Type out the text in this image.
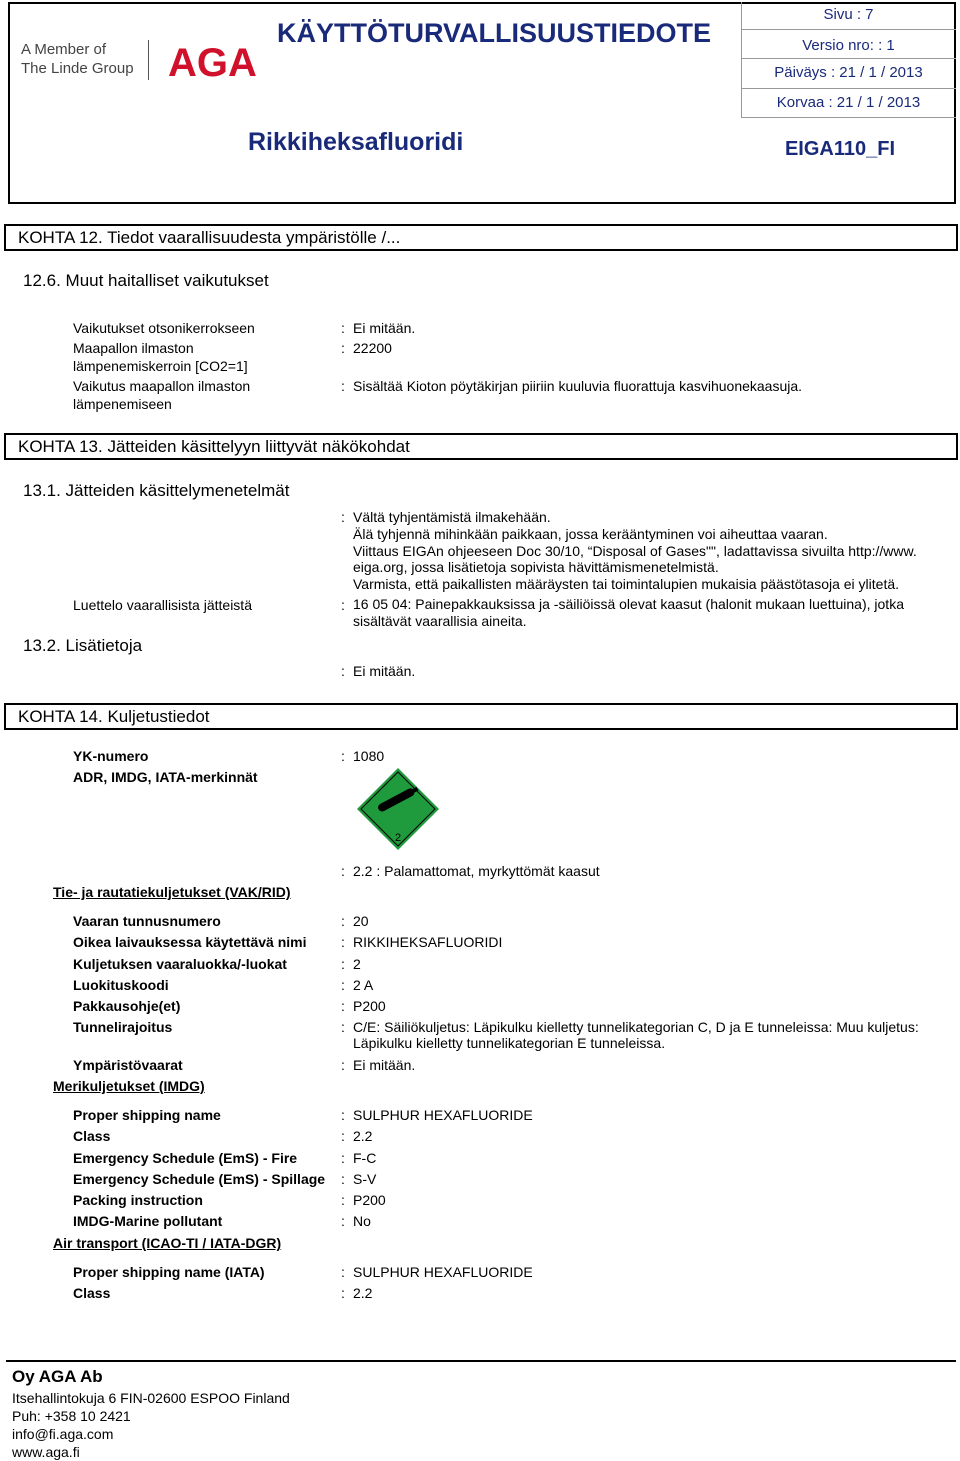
A Member of
The Linde Group AGA
KÄYTTÖTURVALLISUUSTIEDOTE
Rikkiheksafluoridi
Sivu : 7
Versio nro: : 1
Päiväys : 21 / 1 / 2013
Korvaa : 21 / 1 / 2013
EIGA110_FI
KOHTA 12. Tiedot vaarallisuudesta ympäristölle /...
12.6. Muut haitalliset vaikutukset
Vaikutukset otsonikerrokseen	: Ei mitään.
Maapallon ilmaston lämpenemiskerroin [CO2=1]
: 22200
Vaikutus maapallon ilmaston lämpenemiseen
: Sisältää Kioton pöytäkirjan piiriin kuuluvia fluorattuja kasvihuonekaasuja.
KOHTA 13. Jätteiden käsittelyyn liittyvät näkökohdat
13.1. Jätteiden käsittelymenetelmät
: Vältä tyhjentämistä ilmakehään.
Älä tyhjennä mihinkään paikkaan, jossa kerääntyminen voi aiheuttaa vaaran.
Viittaus EIGAn ohjeeseen Doc 30/10, “Disposal of Gases"", ladattavissa sivuilta http://www.
eiga.org, jossa lisätietoja sopivista hävittämismenetelmistä.
Varmista, että paikallisten määräysten tai toimintalupien mukaisia päästötasoja ei ylitetä.
Luettelo vaarallisista jätteistä	: 16 05 04: Painepakkauksissa ja -säiliöissä olevat kaasut (halonit mukaan luettuina), jotka
sisältävät vaarallisia aineita.
13.2. Lisätietoja
: Ei mitään.
KOHTA 14. Kuljetustiedot
YK-numero	: 1080
ADR, IMDG, IATA-merkinnät
2
: 2.2 : Palamattomat, myrkyttömät kaasut
Tie- ja rautatiekuljetukset (VAK/RID)
Vaaran tunnusnumero	: 20
Oikea laivauksessa käytettävä nimi : RIKKIHEKSAFLUORIDI
Kuljetuksen vaaraluokka/-luokat	: 2
Luokituskoodi	: 2 A
Pakkausohje(et)	: P200
Tunnelirajoitus	: C/E: Säiliökuljetus: Läpikulku kielletty tunnelikategorian C, D ja E tunneleissa: Muu kuljetus:
Läpikulku kielletty tunnelikategorian E tunneleissa.
Ympäristövaarat	: Ei mitään.
Merikuljetukset (IMDG)
Proper shipping name	: SULPHUR HEXAFLUORIDE
Class	: 2.2
Emergency Schedule (EmS) - Fire	: F-C
Emergency Schedule (EmS) - Spillage : S-V
Packing instruction	: P200
IMDG-Marine pollutant	: No
Air transport (ICAO-TI / IATA-DGR)
Proper shipping name (IATA)	: SULPHUR HEXAFLUORIDE
Class	: 2.2
Oy AGA Ab
Itsehallintokuja 6 FIN-02600 ESPOO Finland
Puh: +358 10 2421
info@fi.aga.com
www.aga.fi
